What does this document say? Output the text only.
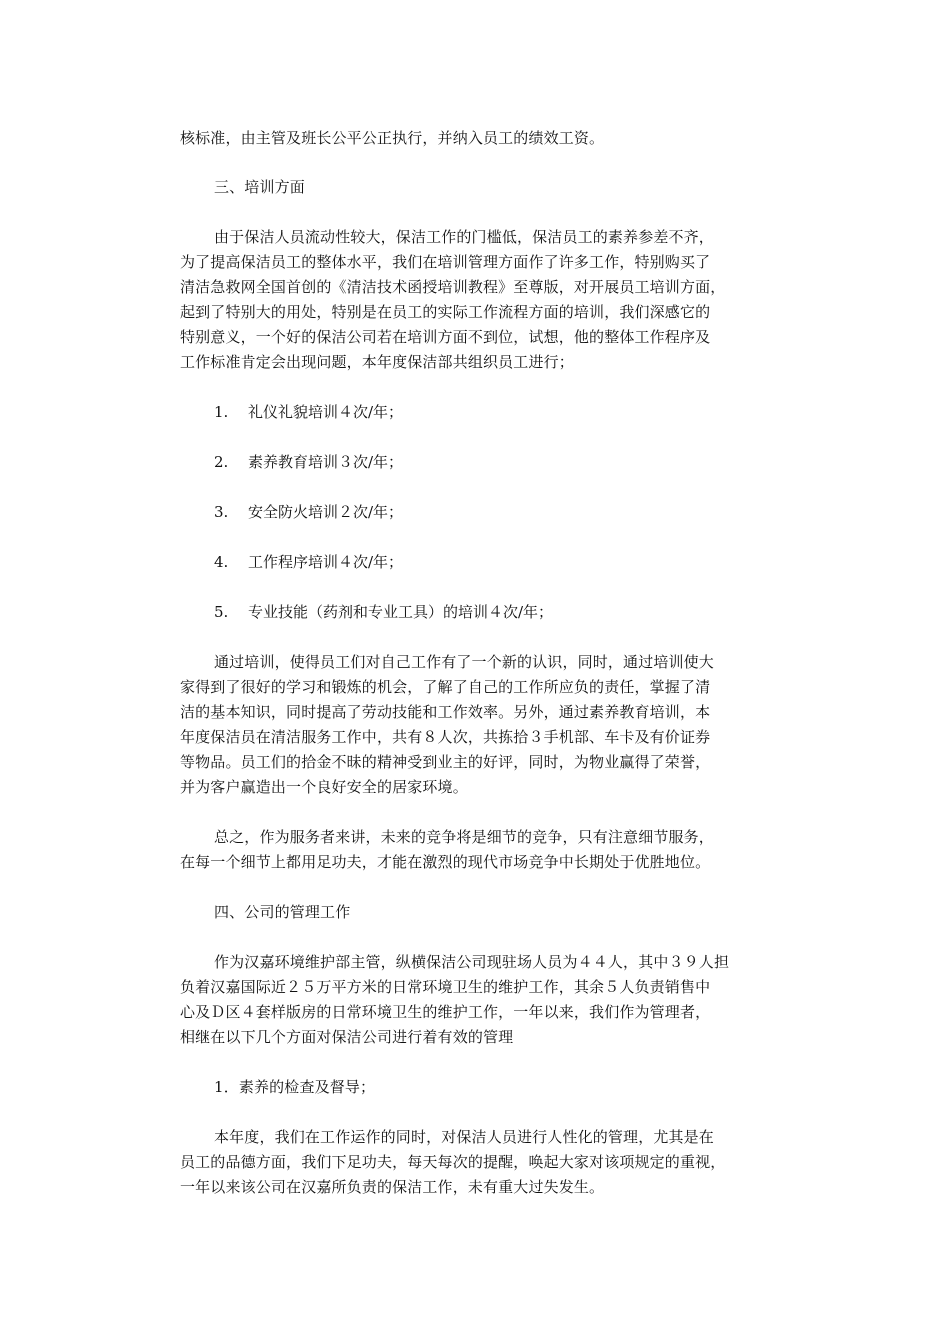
核标准，由主管及班长公平公正执行，并纳入员工的绩效工资。
三、培训方面
由于保洁人员流动性较大，保洁工作的门槛低，保洁员工的素养参差不齐，
为了提高保洁员工的整体水平，我们在培训管理方面作了许多工作，特别购买了
清洁急救网全国首创的《清洁技术函授培训教程》至尊版，对开展员工培训方面，
起到了特别大的用处，特别是在员工的实际工作流程方面的培训，我们深感它的
特别意义，一个好的保洁公司若在培训方面不到位，试想，他的整体工作程序及
工作标准肯定会出现问题，本年度保洁部共组织员工进行；
1. 礼仪礼貌培训４次/年；
2. 素养教育培训３次/年；
3. 安全防火培训２次/年；
4. 工作程序培训４次/年；
5. 专业技能（药剂和专业工具）的培训４次/年；
通过培训，使得员工们对自己工作有了一个新的认识，同时，通过培训使大
家得到了很好的学习和锻炼的机会，了解了自己的工作所应负的责任，掌握了清
洁的基本知识，同时提高了劳动技能和工作效率。另外，通过素养教育培训，本
年度保洁员在清洁服务工作中，共有８人次，共拣拾３手机部、车卡及有价证券
等物品。员工们的拾金不昧的精神受到业主的好评，同时，为物业赢得了荣誉，
并为客户赢造出一个良好安全的居家环境。
总之，作为服务者来讲，未来的竞争将是细节的竞争，只有注意细节服务，
在每一个细节上都用足功夫，才能在激烈的现代市场竞争中长期处于优胜地位。
四、公司的管理工作
作为汉嘉环境维护部主管，纵横保洁公司现驻场人员为４４人，其中３９人担
负着汉嘉国际近２５万平方米的日常环境卫生的维护工作，其余５人负责销售中
心及Ｄ区４套样版房的日常环境卫生的维护工作，一年以来，我们作为管理者，
相继在以下几个方面对保洁公司进行着有效的管理
1．素养的检查及督导；
本年度，我们在工作运作的同时，对保洁人员进行人性化的管理，尤其是在
员工的品德方面，我们下足功夫，每天每次的提醒，唤起大家对该项规定的重视，
一年以来该公司在汉嘉所负责的保洁工作，未有重大过失发生。
